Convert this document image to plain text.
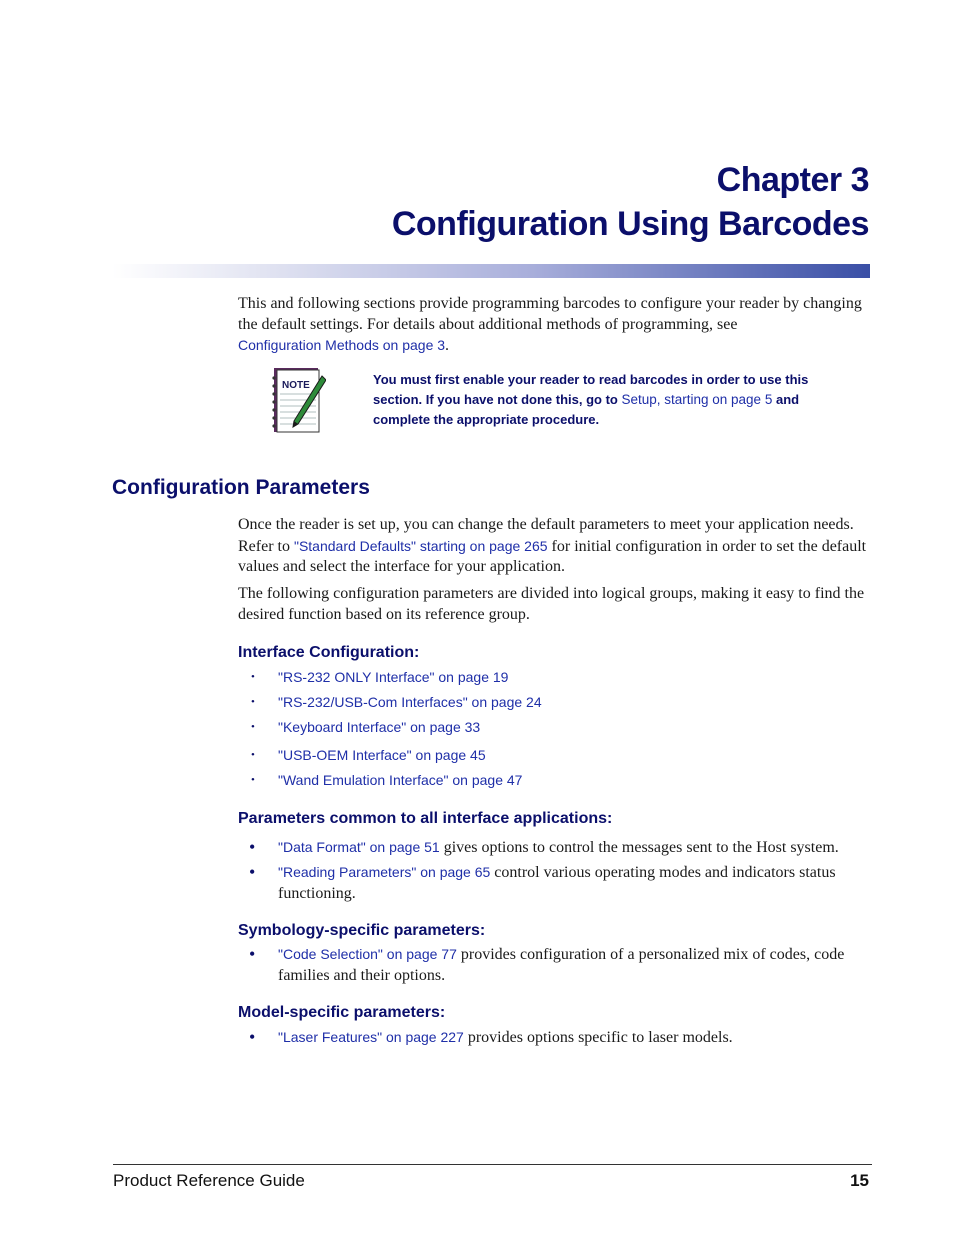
Chapter 3
Configuration Using Barcodes
This and following sections provide programming barcodes to configure your reader by changing the default settings. For details about additional methods of programming, see
Configuration Methods on page 3.
NOTE	You must first enable your reader to read barcodes in order to use this section. If you have not done this, go to Setup, starting on page 5 and complete the appropriate procedure.
Configuration Parameters
Once the reader is set up, you can change the default parameters to meet your application needs. Refer to "Standard Defaults" starting on page 265 for initial configuration in order to set the default values and select the interface for your application.
The following configuration parameters are divided into logical groups, making it easy to find the desired function based on its reference group.
Interface Configuration:
• "RS-232 ONLY Interface" on page 19
• "RS-232/USB-Com Interfaces" on page 24
• "Keyboard Interface" on page 33
• "USB-OEM Interface" on page 45
• "Wand Emulation Interface" on page 47
Parameters common to all interface applications:
• "Data Format" on page 51 gives options to control the messages sent to the Host system.
• "Reading Parameters" on page 65 control various operating modes and indicators status functioning.
Symbology-specific parameters:
• "Code Selection" on page 77 provides configuration of a personalized mix of codes, code families and their options.
Model-specific parameters:
• "Laser Features" on page 227 provides options specific to laser models.
Product Reference Guide	15
